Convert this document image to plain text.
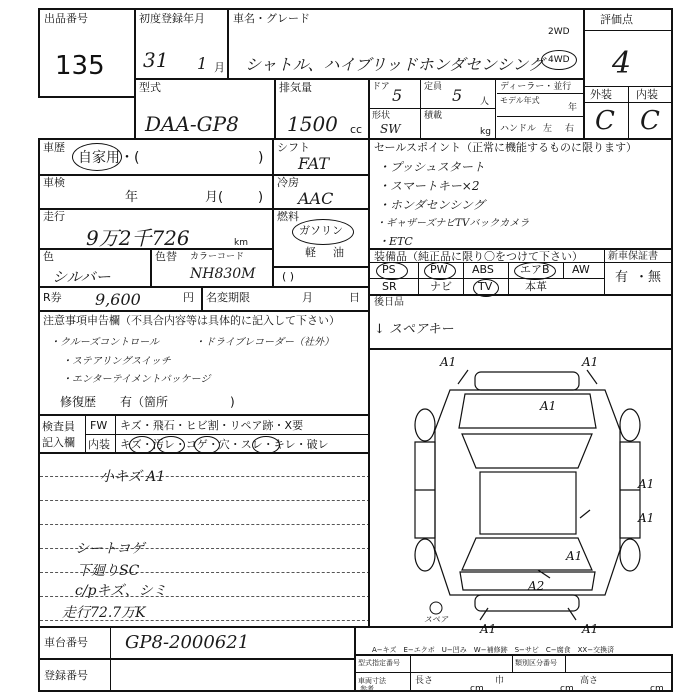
出品番号
135
初度登録年月
31 1 月
車名・グレード
シャトル、ハイブリッドホンダセンシング
2WD
4WD
評価点
4
外装 内装
C C
型式
DAA-GP8
排気量
1500 cc
ドア 5 定員 5 人
形状
SW
積載
kg
ディーラー・並行
モデル年式
年
ハンドル 左 右
車歴
自家用・(	)
シフト
FAT
車検
年	月(	)
冷房
AAC
走行
9万2千726	km
燃料
ガソリン
軽 油
色
シルバー
色替 カラーコード
NH830M ( )
R券 9,600	円 名変期限	月	日
注意事項申告欄（不具合内容等は具体的に記入して下さい）
・クルーズコントロール	・ドライブレコーダー（社外）
・ステアリングスイッチ
・エンターテイメントパッケージ
修復歴 有（箇所	)
検査員記入欄
FW キズ・飛石・ヒビ割・リペア跡・X要
内装 キズ・汚レ・コゲ・穴・スレ・キレ・破レ
小キズ A1
シートコゲ
下廻りSC
c/pキズ、シミ
走行72.7万K
セールスポイント（正常に機能するものに限ります）
・プッシュスタート
・スマートキー×2
・ホンダセンシング
・ギャザーズナビTVバックカメラ
・ETC
装備品（純正品に限り〇をつけて下さい）	新車保証書
PS	PW ABS エアB AW
SR	ナビ TV	本革
有 ・無
後日品
↓ スペアキー
A1	A1
A1
A1
A1
A1
A2
A1	A1
スペア
車台番号 GP8-2000621
登録番号
A−キズ　E−エクボ　U−凹み　W−補修跡　S−サビ　C−腐食　XX−交換済
型式指定番号	類別区分番号
車両寸法
参考
長さ
cm
巾
cm
高さ
cm
